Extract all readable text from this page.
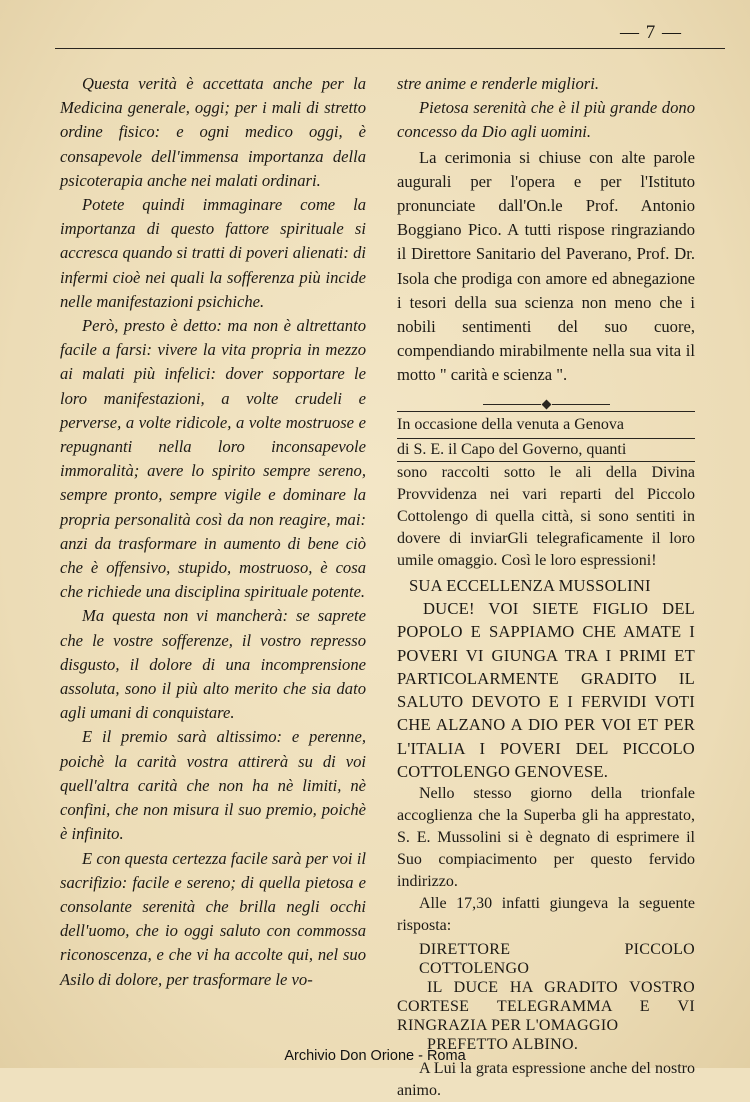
— 7 —

Questa verità è accettata anche per la Medicina generale, oggi; per i mali di stretto ordine fisico: e ogni medico oggi, è consapevole dell'immensa importanza della psicoterapia anche nei malati ordinari.

Potete quindi immaginare come la importanza di questo fattore spirituale si accresca quando si tratti di poveri alienati: di infermi cioè nei quali la sofferenza più incide nelle manifestazioni psichiche.

Però, presto è detto: ma non è altrettanto facile a farsi: vivere la vita propria in mezzo ai malati più infelici: dover sopportare le loro manifestazioni, a volte crudeli e perverse, a volte ridicole, a volte mostruose e repugnanti nella loro inconsapevole immoralità; avere lo spirito sempre sereno, sempre pronto, sempre vigile e dominare la propria personalità così da non reagire, mai: anzi da trasformare in aumento di bene ciò che è offensivo, stupido, mostruoso, è cosa che richiede una disciplina spirituale potente.

Ma questa non vi mancherà: se saprete che le vostre sofferenze, il vostro represso disgusto, il dolore di una incomprensione assoluta, sono il più alto merito che sia dato agli umani di conquistare.

E il premio sarà altissimo: e perenne, poichè la carità vostra attirerà su di voi quell'altra carità che non ha nè limiti, nè confini, che non misura il suo premio, poichè è infinito.

E con questa certezza facile sarà per voi il sacrifizio: facile e sereno; di quella pietosa e consolante serenità che brilla negli occhi dell'uomo, che io oggi saluto con commossa riconoscenza, e che vi ha accolte qui, nel suo Asilo di dolore, per trasformare le vo-

stre anime e renderle migliori.

Pietosa serenità che è il più grande dono concesso da Dio agli uomini.

La cerimonia si chiuse con alte parole augurali per l'opera e per l'Istituto pronunciate dall'On.le Prof. Antonio Boggiano Pico. A tutti rispose ringraziando il Direttore Sanitario del Paverano, Prof. Dr. Isola che prodiga con amore ed abnegazione i tesori della sua scienza non meno che i nobili sentimenti del suo cuore, compendiando mirabilmente nella sua vita il motto " carità e scienza ".

In occasione della venuta a Genova

di S. E. il Capo del Governo, quanti

sono raccolti sotto le ali della Divina Provvidenza nei vari reparti del Piccolo Cottolengo di quella città, si sono sentiti in dovere di inviarGli telegraficamente il loro umile omaggio. Così le loro espressioni!

SUA ECCELLENZA MUSSOLINI

DUCE! VOI SIETE FIGLIO DEL POPOLO E SAPPIAMO CHE AMATE I POVERI VI GIUNGA TRA I PRIMI ET PARTICOLARMENTE GRADITO IL SALUTO DEVOTO E I FERVIDI VOTI CHE ALZANO A DIO PER VOI ET PER L'ITALIA I POVERI DEL PICCOLO COTTOLENGO GENOVESE.

Nello stesso giorno della trionfale accoglienza che la Superba gli ha apprestato, S. E. Mussolini si è degnato di esprimere il Suo compiacimento per questo fervido indirizzo.

Alle 17,30 infatti giungeva la seguente risposta:

DIRETTORE PICCOLO COTTOLENGO
IL DUCE HA GRADITO VOSTRO CORTESE TELEGRAMMA E VI RINGRAZIA PER L'OMAGGIO
PREFETTO ALBINO.

A Lui la grata espressione anche del nostro animo.

Archivio Don Orione - Roma
